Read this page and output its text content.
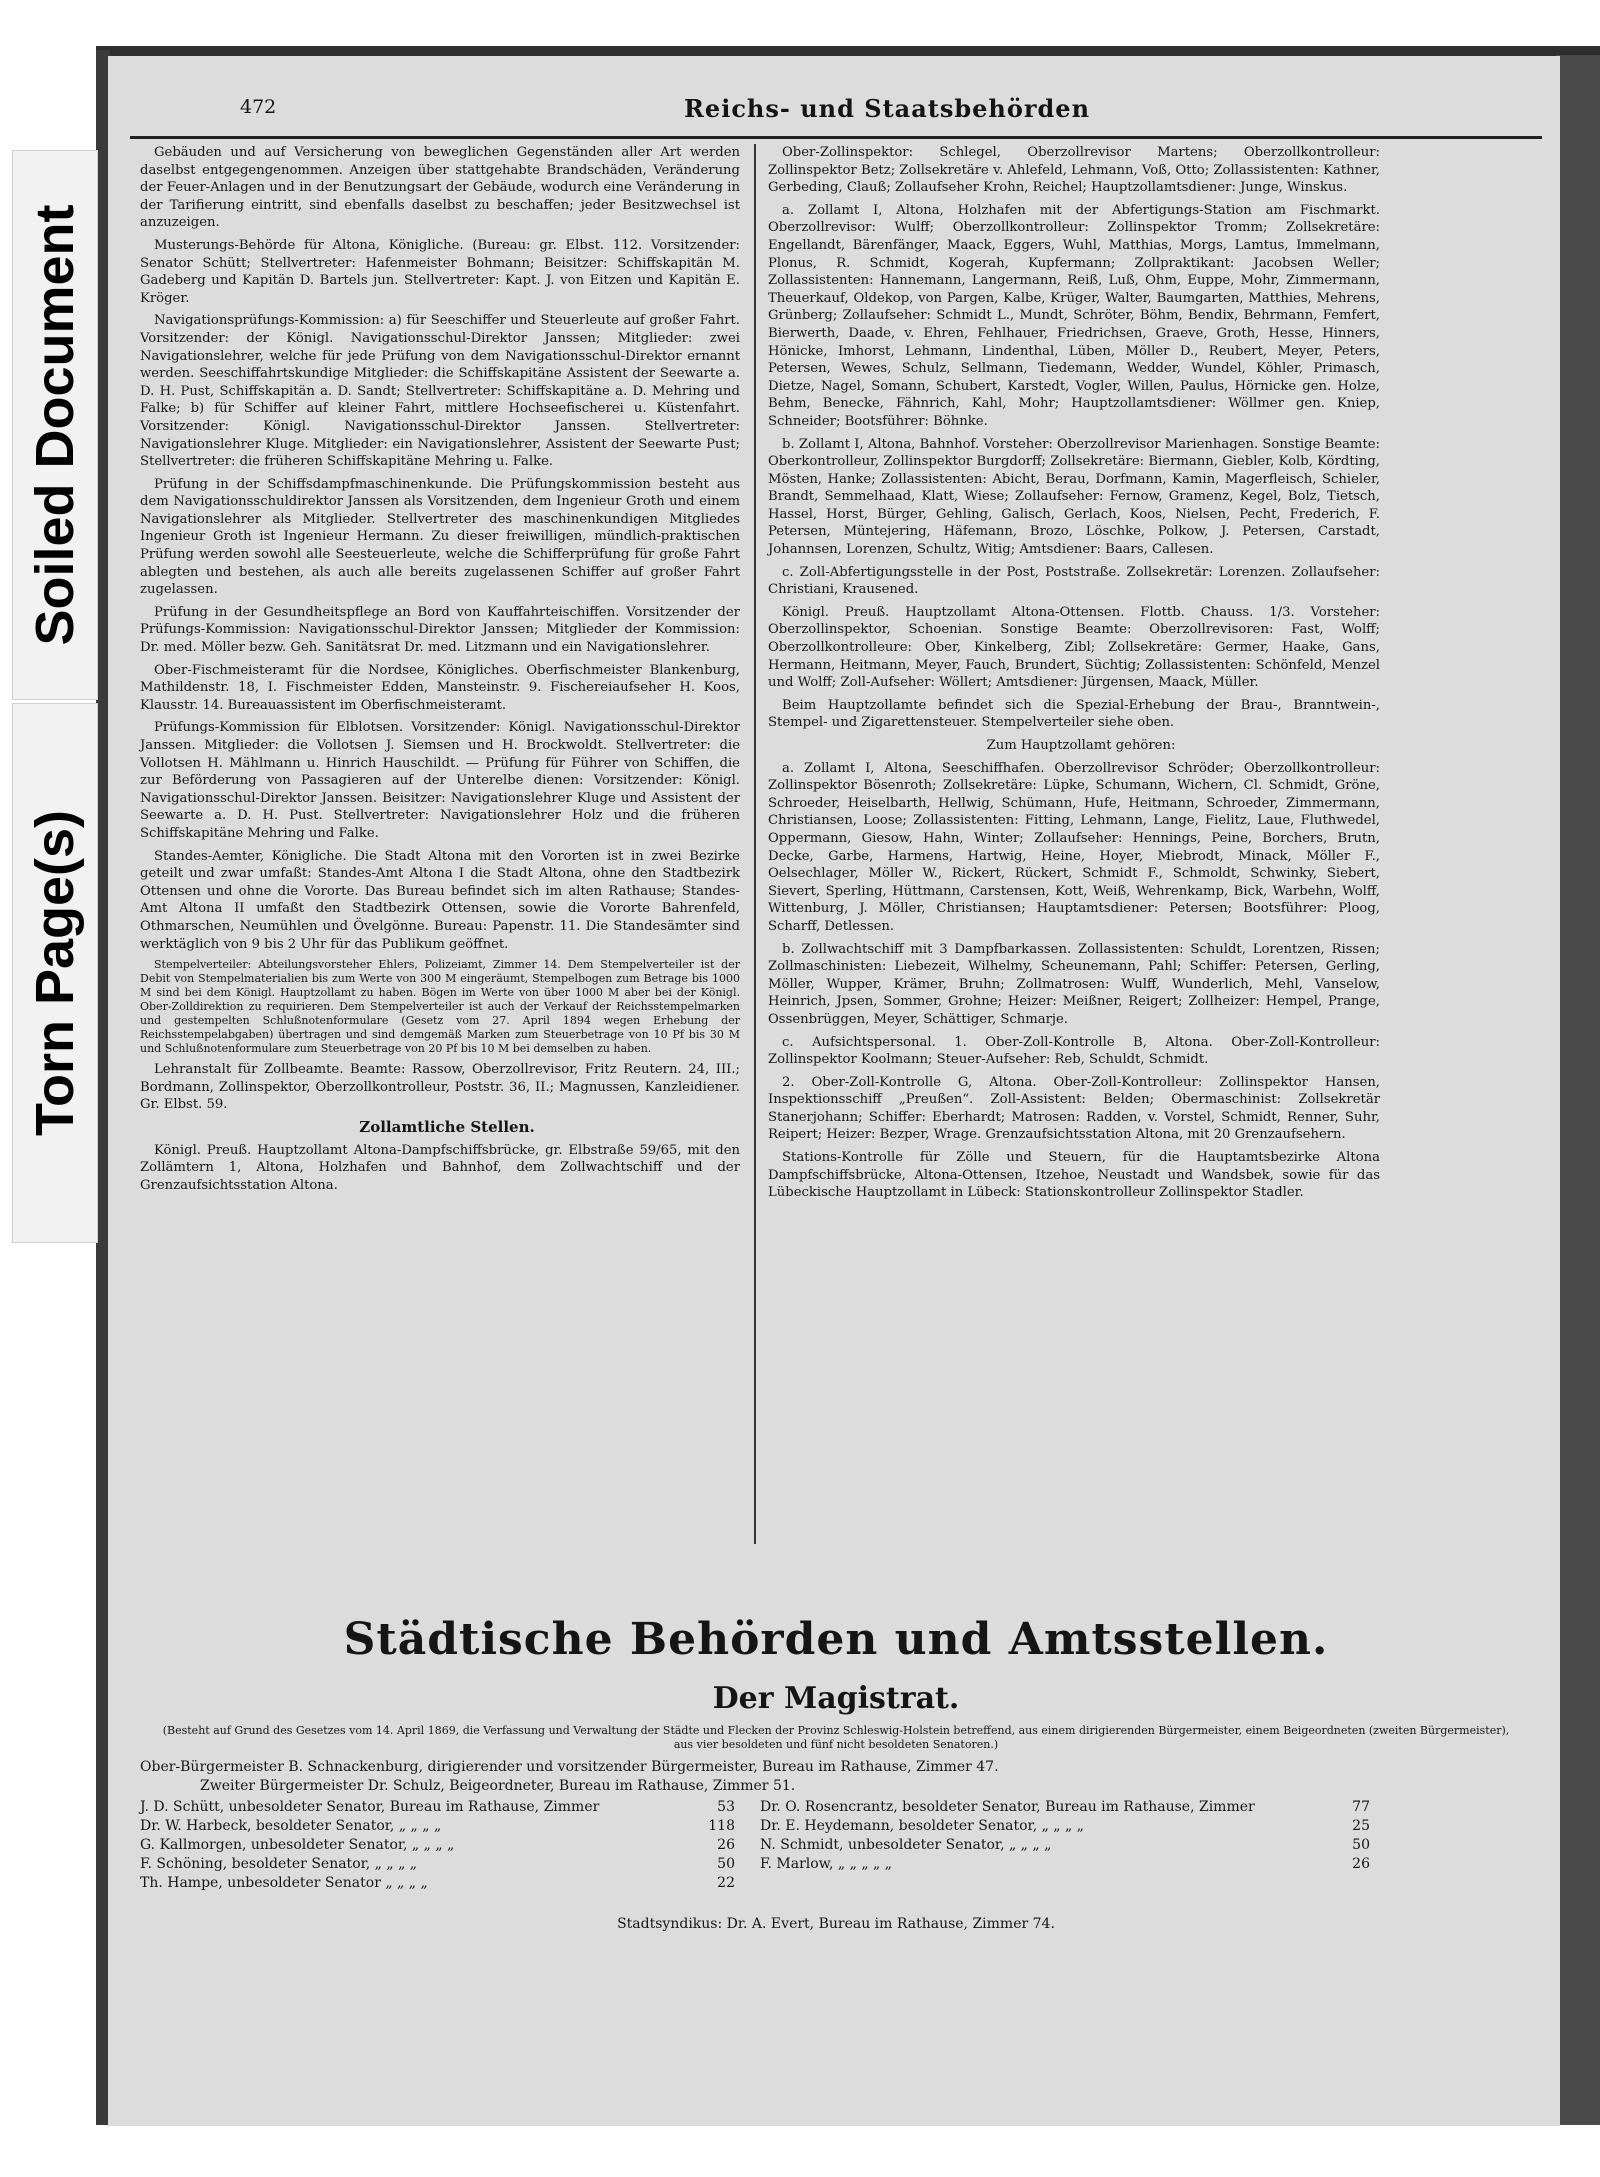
Soiled Document
Torn Page(s)
472	Reichs- und Staatsbehörden

Gebäuden und auf Versicherung von beweglichen Gegenständen aller Art werden daselbst entgegengenommen. Anzeigen über stattgehabte Brandschäden, Veränderung der Feuer-Anlagen und in der Benutzungsart der Gebäude, wodurch eine Veränderung in der Tarifierung eintritt, sind ebenfalls daselbst zu beschaffen; jeder Besitzwechsel ist anzuzeigen.

Musterungs-Behörde für Altona, Königliche. (Bureau: gr. Elbst. 112. Vorsitzender: Senator Schütt; Stellvertreter: Hafenmeister Bohmann; Beisitzer: Schiffskapitän M. Gadeberg und Kapitän D. Bartels jun. Stellvertreter: Kapt. J. von Eitzen und Kapitän E. Kröger.

Navigationsprüfungs-Kommission: a) für Seeschiffer und Steuerleute auf großer Fahrt. Vorsitzender: der Königl. Navigationsschul-Direktor Janssen; Mitglieder: zwei Navigationslehrer, welche für jede Prüfung von dem Navigationsschul-Direktor ernannt werden. Seeschiffahrtskundige Mitglieder: die Schiffskapitäne Assistent der Seewarte a. D. H. Pust, Schiffskapitän a. D. Sandt; Stellvertreter: Schiffskapitäne a. D. Mehring und Falke; b) für Schiffer auf kleiner Fahrt, mittlere Hochseefischerei u. Küstenfahrt. Vorsitzender: Königl. Navigationsschul-Direktor Janssen. Stellvertreter: Navigationslehrer Kluge. Mitglieder: ein Navigationslehrer, Assistent der Seewarte Pust; Stellvertreter: die früheren Schiffskapitäne Mehring u. Falke.

Prüfung in der Schiffsdampfmaschinenkunde. Die Prüfungskommission besteht aus dem Navigationsschuldirektor Janssen als Vorsitzenden, dem Ingenieur Groth und einem Navigationslehrer als Mitglieder. Stellvertreter des maschinenkundigen Mitgliedes Ingenieur Groth ist Ingenieur Hermann. Zu dieser freiwilligen, mündlich-praktischen Prüfung werden sowohl alle Seesteuerleute, welche die Schifferprüfung für große Fahrt ablegten und bestehen, als auch alle bereits zugelassenen Schiffer auf großer Fahrt zugelassen.

Prüfung in der Gesundheitspflege an Bord von Kauffahrteischiffen. Vorsitzender der Prüfungs-Kommission: Navigationsschul-Direktor Janssen; Mitglieder der Kommission: Dr. med. Möller bezw. Geh. Sanitätsrat Dr. med. Litzmann und ein Navigationslehrer.

Ober-Fischmeisteramt für die Nordsee, Königliches. Oberfischmeister Blankenburg, Mathildenstr. 18, I. Fischmeister Edden, Mansteinstr. 9. Fischereiaufseher H. Koos, Klausstr. 14. Bureauassistent im Oberfischmeisteramt.

Prüfungs-Kommission für Elblotsen. Vorsitzender: Königl. Navigationsschul-Direktor Janssen. Mitglieder: die Vollotsen J. Siemsen und H. Brockwoldt. Stellvertreter: die Vollotsen H. Mählmann u. Hinrich Hauschildt. — Prüfung für Führer von Schiffen, die zur Beförderung von Passagieren auf der Unterelbe dienen: Vorsitzender: Königl. Navigationsschul-Direktor Janssen. Beisitzer: Navigationslehrer Kluge und Assistent der Seewarte a. D. H. Pust. Stellvertreter: Navigationslehrer Holz und die früheren Schiffskapitäne Mehring und Falke.

Standes-Aemter, Königliche. Die Stadt Altona mit den Vororten ist in zwei Bezirke geteilt und zwar umfaßt: Standes-Amt Altona I die Stadt Altona, ohne den Stadtbezirk Ottensen und ohne die Vororte. Das Bureau befindet sich im alten Rathause; Standes-Amt Altona II umfaßt den Stadtbezirk Ottensen, sowie die Vororte Bahrenfeld, Othmarschen, Neumühlen und Övelgönne. Bureau: Papenstr. 11. Die Standesämter sind werktäglich von 9 bis 2 Uhr für das Publikum geöffnet.

Stempelverteiler: Abteilungsvorsteher Ehlers, Polizeiamt, Zimmer 14. Dem Stempelverteiler ist der Debit von Stempelmaterialien bis zum Werte von 300 M eingeräumt, Stempelbogen zum Betrage bis 1000 M sind bei dem Königl. Hauptzollamt zu haben. Bögen im Werte von über 1000 M aber bei der Königl. Ober-Zolldirektion zu requirieren. Dem Stempelverteiler ist auch der Verkauf der Reichsstempelmarken und gestempelten Schlußnotenformulare (Gesetz vom 27. April 1894 wegen Erhebung der Reichsstempelabgaben) übertragen und sind demgemäß Marken zum Steuerbetrage von 10 Pf bis 30 M und Schlußnotenformulare zum Steuerbetrage von 20 Pf bis 10 M bei demselben zu haben.

Lehranstalt für Zollbeamte. Beamte: Rassow, Oberzollrevisor, Fritz Reutern. 24, III.; Bordmann, Zollinspektor, Oberzollkontrolleur, Poststr. 36, II.; Magnussen, Kanzleidiener. Gr. Elbst. 59.

Zollamtliche Stellen.

Königl. Preuß. Hauptzollamt Altona-Dampfschiffsbrücke, gr. Elbstraße 59/65, mit den Zollämtern 1, Altona, Holzhafen und Bahnhof, dem Zollwachtschiff und der Grenzaufsichtsstation Altona.

Ober-Zollinspektor: Schlegel, Oberzollrevisor Martens; Oberzollkontrolleur: Zollinspektor Betz; Zollsekretäre v. Ahlefeld, Lehmann, Voß, Otto; Zollassistenten: Kathner, Gerbeding, Clauß; Zollaufseher Krohn, Reichel; Hauptzollamtsdiener: Junge, Winskus.

a. Zollamt I, Altona, Holzhafen mit der Abfertigungs-Station am Fischmarkt. Oberzollrevisor: Wulff; Oberzollkontrolleur: Zollinspektor Tromm; Zollsekretäre: Engellandt, Bärenfänger, Maack, Eggers, Wuhl, Matthias, Morgs, Lamtus, Immelmann, Plonus, R. Schmidt, Kogerah, Kupfermann; Zollpraktikant: Jacobsen Weller; Zollassistenten: Hannemann, Langermann, Reiß, Luß, Ohm, Euppe, Mohr, Zimmermann, Theuerkauf, Oldekop, von Pargen, Kalbe, Krüger, Walter, Baumgarten, Matthies, Mehrens, Grünberg; Zollaufseher: Schmidt L., Mundt, Schröter, Böhm, Bendix, Behrmann, Femfert, Bierwerth, Daade, v. Ehren, Fehlhauer, Friedrichsen, Graeve, Groth, Hesse, Hinners, Hönicke, Imhorst, Lehmann, Lindenthal, Lüben, Möller D., Reubert, Meyer, Peters, Petersen, Wewes, Schulz, Sellmann, Tiedemann, Wedder, Wundel, Köhler, Primasch, Dietze, Nagel, Somann, Schubert, Karstedt, Vogler, Willen, Paulus, Hörnicke gen. Holze, Behm, Benecke, Fähnrich, Kahl, Mohr; Hauptzollamtsdiener: Wöllmer gen. Kniep, Schneider; Bootsführer: Böhnke.

b. Zollamt I, Altona, Bahnhof. Vorsteher: Oberzollrevisor Marienhagen. Sonstige Beamte: Oberkontrolleur, Zollinspektor Burgdorff; Zollsekretäre: Biermann, Giebler, Kolb, Kördting, Mösten, Hanke; Zollassistenten: Abicht, Berau, Dorfmann, Kamin, Magerfleisch, Schieler, Brandt, Semmelhaad, Klatt, Wiese; Zollaufseher: Fernow, Gramenz, Kegel, Bolz, Tietsch, Hassel, Horst, Bürger, Gehling, Galisch, Gerlach, Koos, Nielsen, Pecht, Frederich, F. Petersen, Müntejering, Häfemann, Brozo, Löschke, Polkow, J. Petersen, Carstadt, Johannsen, Lorenzen, Schultz, Witig; Amtsdiener: Baars, Callesen.

c. Zoll-Abfertigungsstelle in der Post, Poststraße. Zollsekretär: Lorenzen. Zollaufseher: Christiani, Krausened.

Königl. Preuß. Hauptzollamt Altona-Ottensen. Flottb. Chauss. 1/3. Vorsteher: Oberzollinspektor, Schoenian. Sonstige Beamte: Oberzollrevisoren: Fast, Wolff; Oberzollkontrolleure: Ober, Kinkelberg, Zibl; Zollsekretäre: Germer, Haake, Gans, Hermann, Heitmann, Meyer, Fauch, Brundert, Süchtig; Zollassistenten: Schönfeld, Menzel und Wolff; Zoll-Aufseher: Wöllert; Amtsdiener: Jürgensen, Maack, Müller.

Beim Hauptzollamte befindet sich die Spezial-Erhebung der Brau-, Branntwein-, Stempel- und Zigarettensteuer. Stempelverteiler siehe oben.

Zum Hauptzollamt gehören:

a. Zollamt I, Altona, Seeschiffhafen. Oberzollrevisor Schröder; Oberzollkontrolleur: Zollinspektor Bösenroth; Zollsekretäre: Lüpke, Schumann, Wichern, Cl. Schmidt, Gröne, Schroeder, Heiselbarth, Hellwig, Schümann, Hufe, Heitmann, Schroeder, Zimmermann, Christiansen, Loose; Zollassistenten: Fitting, Lehmann, Lange, Fielitz, Laue, Fluthwedel, Oppermann, Giesow, Hahn, Winter; Zollaufseher: Hennings, Peine, Borchers, Brutn, Decke, Garbe, Harmens, Hartwig, Heine, Hoyer, Miebrodt, Minack, Möller F., Oelsechlager, Möller W., Rickert, Rückert, Schmidt F., Schmoldt, Schwinky, Siebert, Sievert, Sperling, Hüttmann, Carstensen, Kott, Weiß, Wehrenkamp, Bick, Warbehn, Wolff, Wittenburg, J. Möller, Christiansen; Hauptamtsdiener: Petersen; Bootsführer: Ploog, Scharff, Detlessen.

b. Zollwachtschiff mit 3 Dampfbarkassen. Zollassistenten: Schuldt, Lorentzen, Rissen; Zollmaschinisten: Liebezeit, Wilhelmy, Scheunemann, Pahl; Schiffer: Petersen, Gerling, Möller, Wupper, Krämer, Bruhn; Zollmatrosen: Wulff, Wunderlich, Mehl, Vanselow, Heinrich, Jpsen, Sommer, Grohne; Heizer: Meißner, Reigert; Zollheizer: Hempel, Prange, Ossenbrüggen, Meyer, Schättiger, Schmarje.

c. Aufsichtspersonal. 1. Ober-Zoll-Kontrolle B, Altona. Ober-Zoll-Kontrolleur: Zollinspektor Koolmann; Steuer-Aufseher: Reb, Schuldt, Schmidt.

2. Ober-Zoll-Kontrolle G, Altona. Ober-Zoll-Kontrolleur: Zollinspektor Hansen, Inspektionsschiff „Preußen“. Zoll-Assistent: Belden; Obermaschinist: Zollsekretär Stanerjohann; Schiffer: Eberhardt; Matrosen: Radden, v. Vorstel, Schmidt, Renner, Suhr, Reipert; Heizer: Bezper, Wrage. Grenzaufsichtsstation Altona, mit 20 Grenzaufsehern.

Stations-Kontrolle für Zölle und Steuern, für die Hauptamtsbezirke Altona Dampfschiffsbrücke, Altona-Ottensen, Itzehoe, Neustadt und Wandsbek, sowie für das Lübeckische Hauptzollamt in Lübeck: Stationskontrolleur Zollinspektor Stadler.

Städtische Behörden und Amtsstellen.
Der Magistrat.
(Besteht auf Grund des Gesetzes vom 14. April 1869, die Verfassung und Verwaltung der Städte und Flecken der Provinz Schleswig-Holstein betreffend, aus einem dirigierenden Bürgermeister, einem Beigeordneten (zweiten Bürgermeister), aus vier besoldeten und fünf nicht besoldeten Senatoren.)
Ober-Bürgermeister B. Schnackenburg, dirigierender und vorsitzender Bürgermeister, Bureau im Rathause, Zimmer 47.
Zweiter Bürgermeister Dr. Schulz, Beigeordneter, Bureau im Rathause, Zimmer 51.
J. D. Schütt, unbesoldeter Senator, Bureau im Rathause, Zimmer	53
Dr. W. Harbeck, besoldeter Senator, „ „ „ „	118
G. Kallmorgen, unbesoldeter Senator, „ „ „ „	26
F. Schöning, besoldeter Senator, „ „ „ „	50
Th. Hampe, unbesoldeter Senator „ „ „ „	22
Dr. O. Rosencrantz, besoldeter Senator, Bureau im Rathause, Zimmer	77
Dr. E. Heydemann, besoldeter Senator, „ „ „ „	25
N. Schmidt, unbesoldeter Senator, „ „ „ „	50
F. Marlow, „ „ „ „ „	26
Stadtsyndikus: Dr. A. Evert, Bureau im Rathause, Zimmer 74.
